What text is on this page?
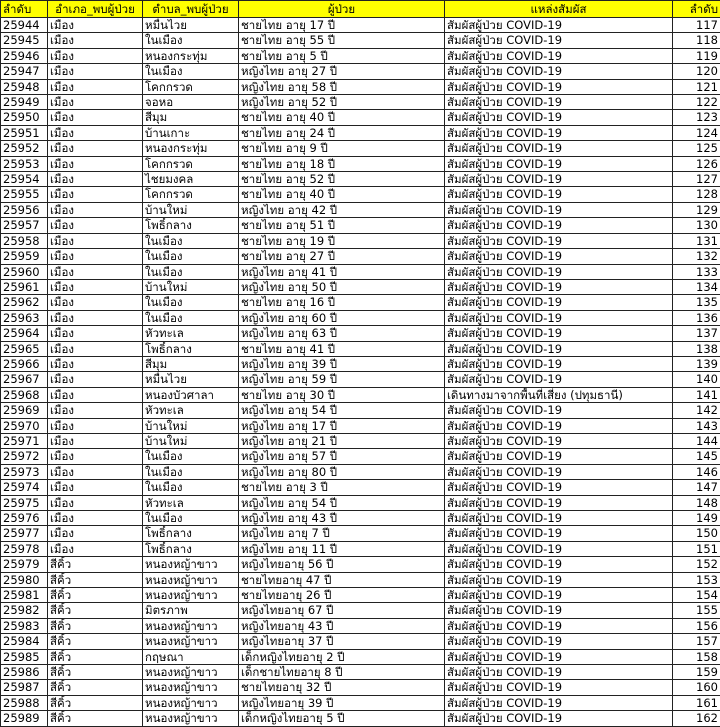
ลำดับ	อำเภอ_พบผู้ป่วย	ตำบล_พบผู้ป่วย	ผู้ป่วย	แหล่งสัมผัส	ลำดับ
25944	เมือง	หมื่นไวย	ชายไทย อายุ 17 ปี	สัมผัสผู้ป่วย COVID-19	117
25945	เมือง	ในเมือง	ชายไทย อายุ 55 ปี	สัมผัสผู้ป่วย COVID-19	118
25946	เมือง	หนองกระทุ่ม	ชายไทย อายุ 5 ปี	สัมผัสผู้ป่วย COVID-19	119
25947	เมือง	ในเมือง	หญิงไทย อายุ 27 ปี	สัมผัสผู้ป่วย COVID-19	120
25948	เมือง	โคกกรวด	หญิงไทย อายุ 58 ปี	สัมผัสผู้ป่วย COVID-19	121
25949	เมือง	จอหอ	หญิงไทย อายุ 52 ปี	สัมผัสผู้ป่วย COVID-19	122
25950	เมือง	สีมุม	ชายไทย อายุ 40 ปี	สัมผัสผู้ป่วย COVID-19	123
25951	เมือง	บ้านเกาะ	ชายไทย อายุ 24 ปี	สัมผัสผู้ป่วย COVID-19	124
25952	เมือง	หนองกระทุ่ม	ชายไทย อายุ 9 ปี	สัมผัสผู้ป่วย COVID-19	125
25953	เมือง	โคกกรวด	ชายไทย อายุ 18 ปี	สัมผัสผู้ป่วย COVID-19	126
25954	เมือง	ไชยมงคล	ชายไทย อายุ 52 ปี	สัมผัสผู้ป่วย COVID-19	127
25955	เมือง	โคกกรวด	ชายไทย อายุ 40 ปี	สัมผัสผู้ป่วย COVID-19	128
25956	เมือง	บ้านใหม่	หญิงไทย อายุ 42 ปี	สัมผัสผู้ป่วย COVID-19	129
25957	เมือง	โพธิ์กลาง	ชายไทย อายุ 51 ปี	สัมผัสผู้ป่วย COVID-19	130
25958	เมือง	ในเมือง	ชายไทย อายุ 19 ปี	สัมผัสผู้ป่วย COVID-19	131
25959	เมือง	ในเมือง	ชายไทย อายุ 27 ปี	สัมผัสผู้ป่วย COVID-19	132
25960	เมือง	ในเมือง	หญิงไทย อายุ 41 ปี	สัมผัสผู้ป่วย COVID-19	133
25961	เมือง	บ้านใหม่	หญิงไทย อายุ 50 ปี	สัมผัสผู้ป่วย COVID-19	134
25962	เมือง	ในเมือง	ชายไทย อายุ 16 ปี	สัมผัสผู้ป่วย COVID-19	135
25963	เมือง	ในเมือง	หญิงไทย อายุ 60 ปี	สัมผัสผู้ป่วย COVID-19	136
25964	เมือง	หัวทะเล	หญิงไทย อายุ 63 ปี	สัมผัสผู้ป่วย COVID-19	137
25965	เมือง	โพธิ์กลาง	ชายไทย อายุ 41 ปี	สัมผัสผู้ป่วย COVID-19	138
25966	เมือง	สีมุม	หญิงไทย อายุ 39 ปี	สัมผัสผู้ป่วย COVID-19	139
25967	เมือง	หมื่นไวย	หญิงไทย อายุ 59 ปี	สัมผัสผู้ป่วย COVID-19	140
25968	เมือง	หนองบัวศาลา	ชายไทย อายุ 30 ปี	เดินทางมาจากพื้นที่เสี่ยง (ปทุมธานี)	141
25969	เมือง	หัวทะเล	หญิงไทย อายุ 54 ปี	สัมผัสผู้ป่วย COVID-19	142
25970	เมือง	บ้านใหม่	หญิงไทย อายุ 17 ปี	สัมผัสผู้ป่วย COVID-19	143
25971	เมือง	บ้านใหม่	หญิงไทย อายุ 21 ปี	สัมผัสผู้ป่วย COVID-19	144
25972	เมือง	ในเมือง	หญิงไทย อายุ 57 ปี	สัมผัสผู้ป่วย COVID-19	145
25973	เมือง	ในเมือง	หญิงไทย อายุ 80 ปี	สัมผัสผู้ป่วย COVID-19	146
25974	เมือง	ในเมือง	ชายไทย อายุ 3 ปี	สัมผัสผู้ป่วย COVID-19	147
25975	เมือง	หัวทะเล	หญิงไทย อายุ 54 ปี	สัมผัสผู้ป่วย COVID-19	148
25976	เมือง	ในเมือง	หญิงไทย อายุ 43 ปี	สัมผัสผู้ป่วย COVID-19	149
25977	เมือง	โพธิ์กลาง	หญิงไทย อายุ 7 ปี	สัมผัสผู้ป่วย COVID-19	150
25978	เมือง	โพธิ์กลาง	หญิงไทย อายุ 11 ปี	สัมผัสผู้ป่วย COVID-19	151
25979	สีคิ้ว	หนองหญ้าขาว	หญิงไทยอายุ 56 ปี	สัมผัสผู้ป่วย COVID-19	152
25980	สีคิ้ว	หนองหญ้าขาว	ชายไทยอายุ 47 ปี	สัมผัสผู้ป่วย COVID-19	153
25981	สีคิ้ว	หนองหญ้าขาว	ชายไทยอายุ 26 ปี	สัมผัสผู้ป่วย COVID-19	154
25982	สีคิ้ว	มิตรภาพ	หญิงไทยอายุ 67 ปี	สัมผัสผู้ป่วย COVID-19	155
25983	สีคิ้ว	หนองหญ้าขาว	หญิงไทยอายุ 43 ปี	สัมผัสผู้ป่วย COVID-19	156
25984	สีคิ้ว	หนองหญ้าขาว	หญิงไทยอายุ 37 ปี	สัมผัสผู้ป่วย COVID-19	157
25985	สีคิ้ว	กฤษณา	เด็กหญิงไทยอายุ 2 ปี	สัมผัสผู้ป่วย COVID-19	158
25986	สีคิ้ว	หนองหญ้าขาว	เด็กชายไทยอายุ 8 ปี	สัมผัสผู้ป่วย COVID-19	159
25987	สีคิ้ว	หนองหญ้าขาว	ชายไทยอายุ 32 ปี	สัมผัสผู้ป่วย COVID-19	160
25988	สีคิ้ว	หนองหญ้าขาว	หญิงไทยอายุ 39 ปี	สัมผัสผู้ป่วย COVID-19	161
25989	สีคิ้ว	หนองหญ้าขาว	เด็กหญิงไทยอายุ 5 ปี	สัมผัสผู้ป่วย COVID-19	162
